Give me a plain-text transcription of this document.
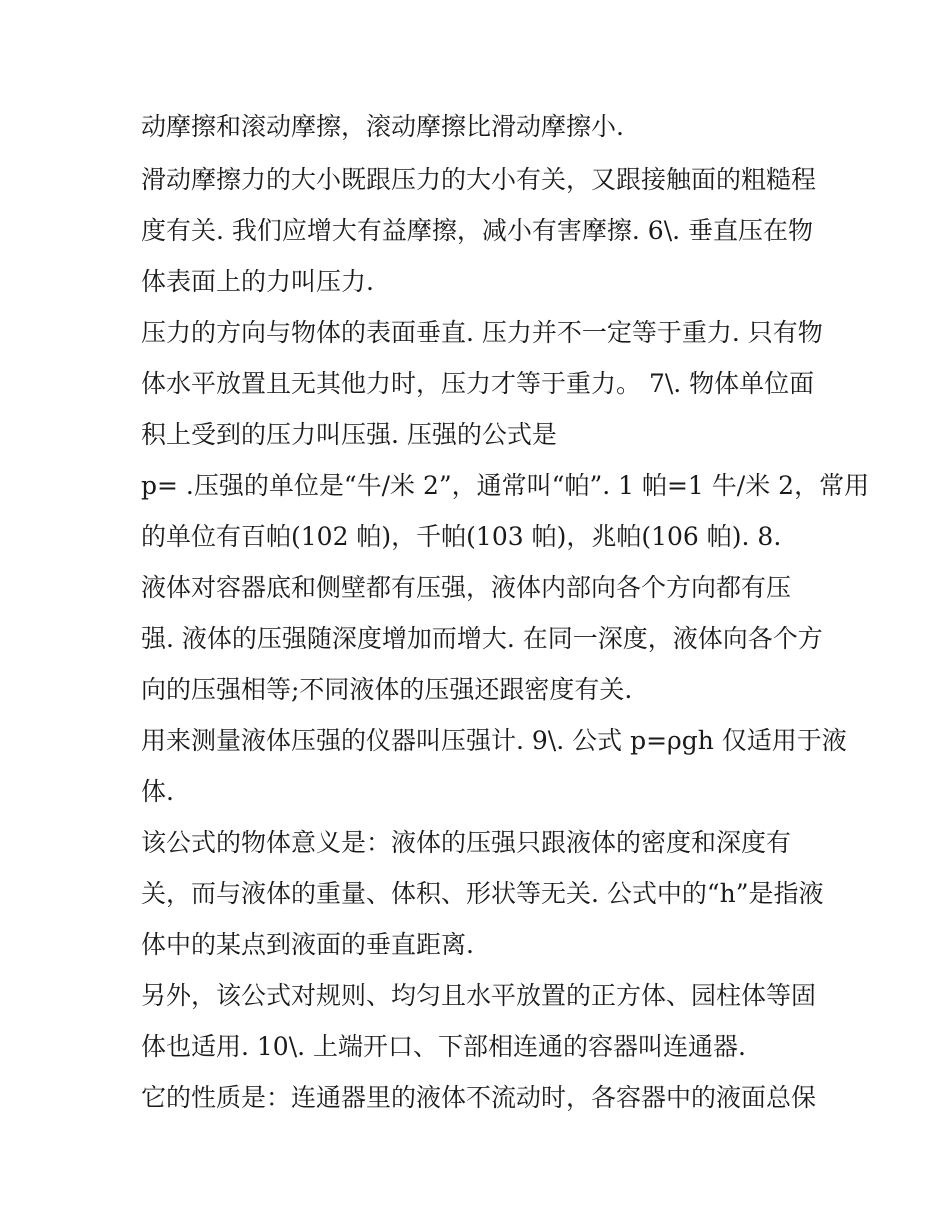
动摩擦和滚动摩擦，滚动摩擦比滑动摩擦小.
滑动摩擦力的大小既跟压力的大小有关，又跟接触面的粗糙程
度有关. 我们应增大有益摩擦，减小有害摩擦. 6\. 垂直压在物
体表面上的力叫压力.
压力的方向与物体的表面垂直. 压力并不一定等于重力. 只有物
体水平放置且无其他力时，压力才等于重力。 7\. 物体单位面
积上受到的压力叫压强. 压强的公式是
p= .压强的单位是“牛/米 2”，通常叫“帕”. 1 帕=1 牛/米 2，常用
的单位有百帕(102 帕)，千帕(103 帕)，兆帕(106 帕). 8.
液体对容器底和侧壁都有压强，液体内部向各个方向都有压
强. 液体的压强随深度增加而增大. 在同一深度，液体向各个方
向的压强相等;不同液体的压强还跟密度有关.
用来测量液体压强的仪器叫压强计. 9\. 公式 p=ρgh 仅适用于液
体.
该公式的物体意义是：液体的压强只跟液体的密度和深度有
关，而与液体的重量、体积、形状等无关. 公式中的“h”是指液
体中的某点到液面的垂直距离.
另外，该公式对规则、均匀且水平放置的正方体、园柱体等固
体也适用. 10\. 上端开口、下部相连通的容器叫连通器.
它的性质是：连通器里的液体不流动时，各容器中的液面总保
